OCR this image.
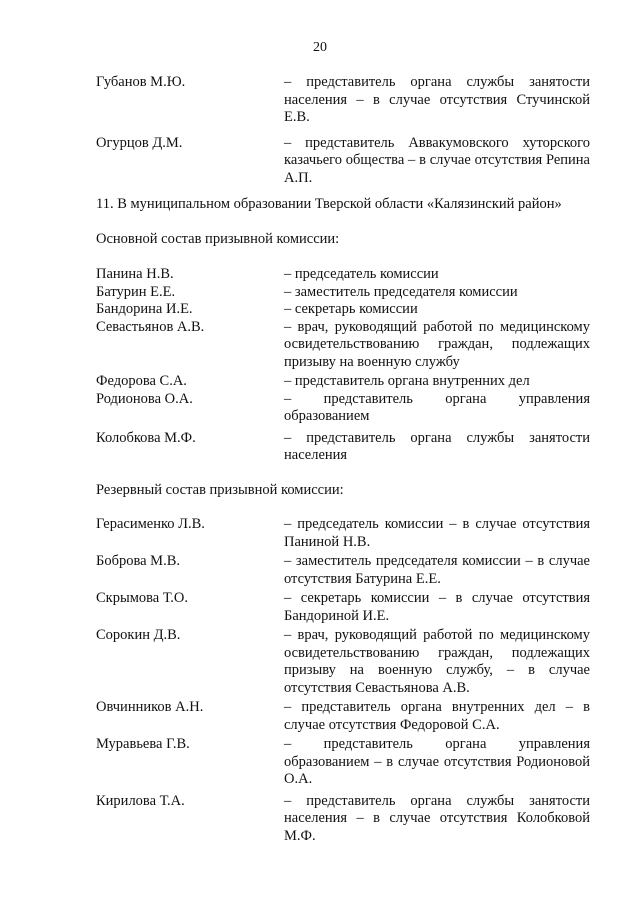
20
Губанов М.Ю.	– представитель органа службы занятости населения – в случае отсутствия Стучинской Е.В.
Огурцов Д.М.	– представитель Аввакумовского хуторского казачьего общества – в случае отсутствия Репина А.П.
11. В муниципальном образовании Тверской области «Калязинский район»
Основной состав призывной комиссии:
Панина Н.В.	– председатель комиссии
Батурин Е.Е.	– заместитель председателя комиссии
Бандорина И.Е.	– секретарь комиссии
Севастьянов А.В.	– врач, руководящий работой по медицинскому освидетельствованию граждан, подлежащих призыву на военную службу
Федорова С.А.	– представитель органа внутренних дел
Родионова О.А.	– представитель органа управления образованием
Колобкова М.Ф.	– представитель органа службы занятости населения
Резервный состав призывной комиссии:
Герасименко Л.В.	– председатель комиссии – в случае отсутствия Паниной Н.В.
Боброва М.В.	– заместитель председателя комиссии – в случае отсутствия Батурина Е.Е.
Скрымова Т.О.	– секретарь комиссии – в случае отсутствия Бандориной И.Е.
Сорокин Д.В.	– врач, руководящий работой по медицинскому освидетельствованию граждан, подлежащих призыву на военную службу, – в случае отсутствия Севастьянова А.В.
Овчинников А.Н.	– представитель органа внутренних дел – в случае отсутствия Федоровой С.А.
Муравьева Г.В.	– представитель органа управления образованием – в случае отсутствия Родионовой О.А.
Кирилова Т.А.	– представитель органа службы занятости населения – в случае отсутствия Колобковой М.Ф.
